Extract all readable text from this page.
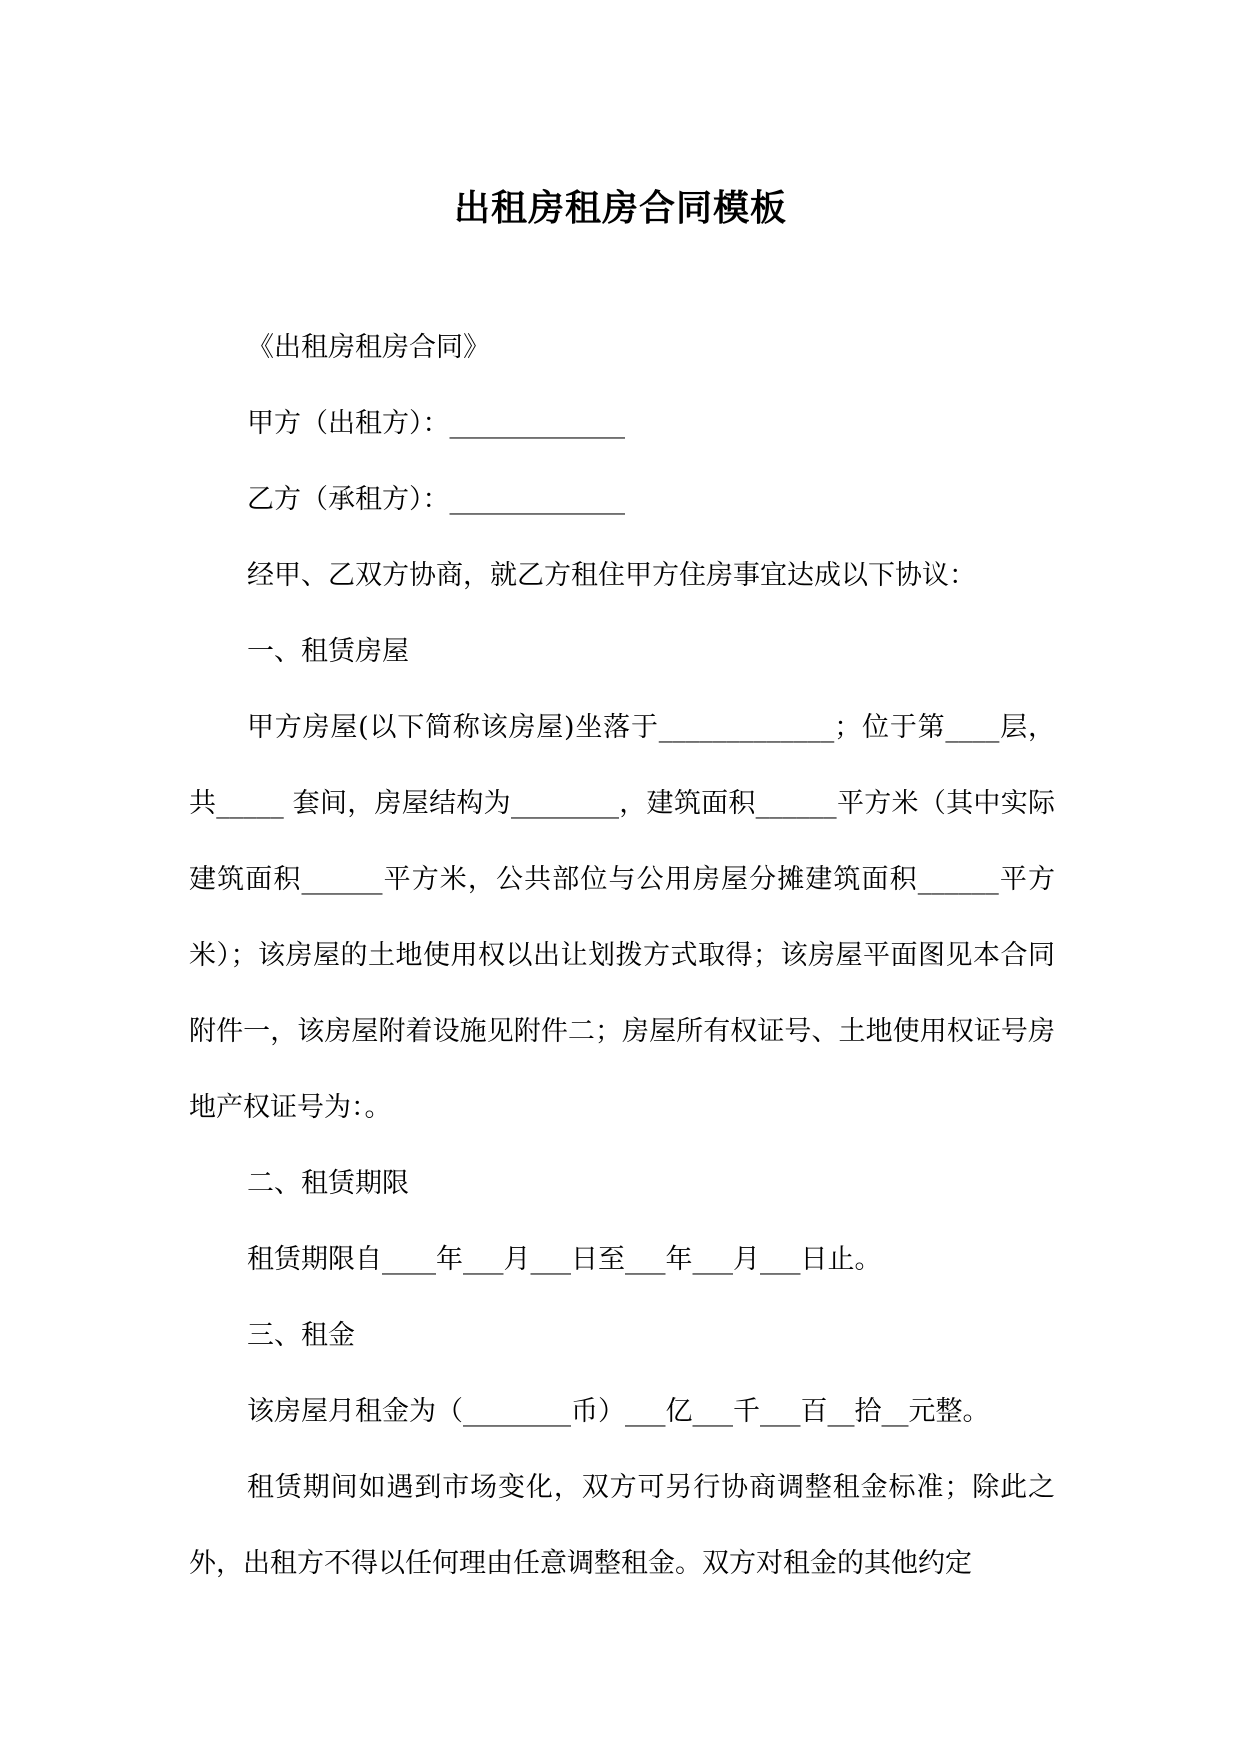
出租房租房合同模板

《出租房租房合同》

甲方（出租方）：_____________

乙方（承租方）：_____________

经甲、乙双方协商，就乙方租住甲方住房事宜达成以下协议：

一、租赁房屋

甲方房屋(以下简称该房屋)坐落于_____________；位于第____层，共_____ 套间，房屋结构为________，建筑面积______平方米（其中实际建筑面积______平方米，公共部位与公用房屋分摊建筑面积______平方米）；该房屋的土地使用权以出让划拨方式取得；该房屋平面图见本合同附件一，该房屋附着设施见附件二；房屋所有权证号、土地使用权证号房地产权证号为：。

二、租赁期限

租赁期限自____年___月___日至___年___月___日止。

三、租金

该房屋月租金为（________币）___亿___千___百__拾__元整。

租赁期间如遇到市场变化，双方可另行协商调整租金标准；除此之外，出租方不得以任何理由任意调整租金。双方对租金的其他约定
